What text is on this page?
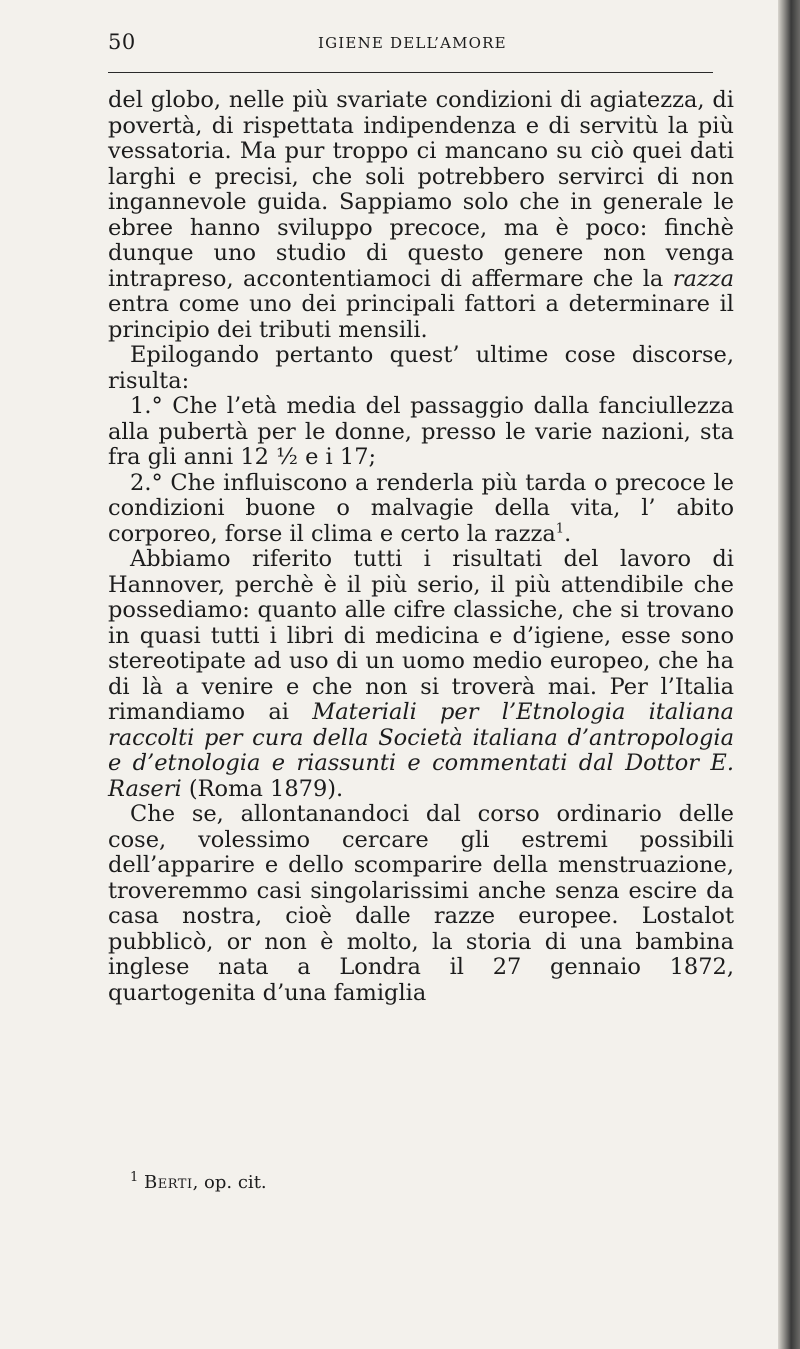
50	IGIENE DELL’AMORE

del globo, nelle più svariate condizioni di agiatezza, di povertà, di rispettata indipendenza e di servitù la più vessatoria. Ma pur troppo ci mancano su ciò quei dati larghi e precisi, che soli potrebbero servirci di non ingannevole guida. Sappiamo solo che in generale le ebree hanno sviluppo precoce, ma è poco: finchè dunque uno studio di questo genere non venga intrapreso, accontentiamoci di affermare che la razza entra come uno dei principali fattori a determinare il principio dei tributi mensili.

Epilogando pertanto quest’ ultime cose discorse, risulta:

1.° Che l’età media del passaggio dalla fanciullezza alla pubertà per le donne, presso le varie nazioni, sta fra gli anni 12 ½ e i 17;

2.° Che influiscono a renderla più tarda o precoce le condizioni buone o malvagie della vita, l’ abito corporeo, forse il clima e certo la razza$^1$.

Abbiamo riferito tutti i risultati del lavoro di Hannover, perchè è il più serio, il più attendibile che possediamo: quanto alle cifre classiche, che si trovano in quasi tutti i libri di medicina e d’igiene, esse sono stereotipate ad uso di un uomo medio europeo, che ha di là a venire e che non si troverà mai. Per l’Italia rimandiamo ai Materiali per l’Etnologia italiana raccolti per cura della Società italiana d’antropologia e d’etnologia e riassunti e commentati dal Dottor E. Raseri (Roma 1879).

Che se, allontanandoci dal corso ordinario delle cose, volessimo cercare gli estremi possibili dell’apparire e dello scomparire della menstruazione, troveremmo casi singolarissimi anche senza escire da casa nostra, cioè dalle razze europee. Lostalot pubblicò, or non è molto, la storia di una bambina inglese nata a Londra il 27 gennaio 1872, quartogenita d’una famiglia

$^1$ Berti, op. cit.
